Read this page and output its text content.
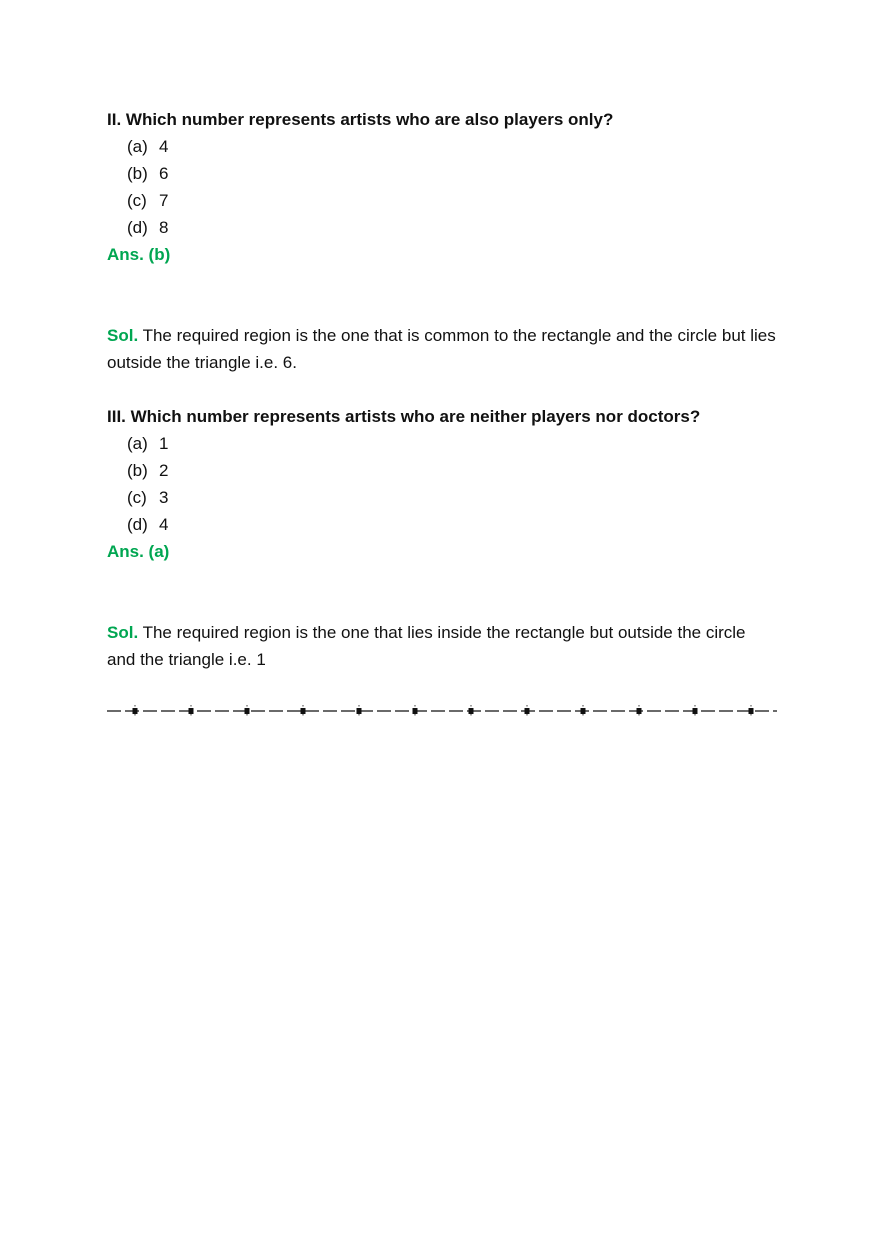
II. Which number represents artists who are also players only?

(a) 4
(b) 6
(c) 7
(d) 8

Ans. (b)

Sol. The required region is the one that is common to the rectangle and the circle but lies outside the triangle i.e. 6.

III. Which number represents artists who are neither players nor doctors?

(a) 1
(b) 2
(c) 3
(d) 4

Ans. (a)

Sol. The required region is the one that lies inside the rectangle but outside the circle and the triangle i.e. 1
